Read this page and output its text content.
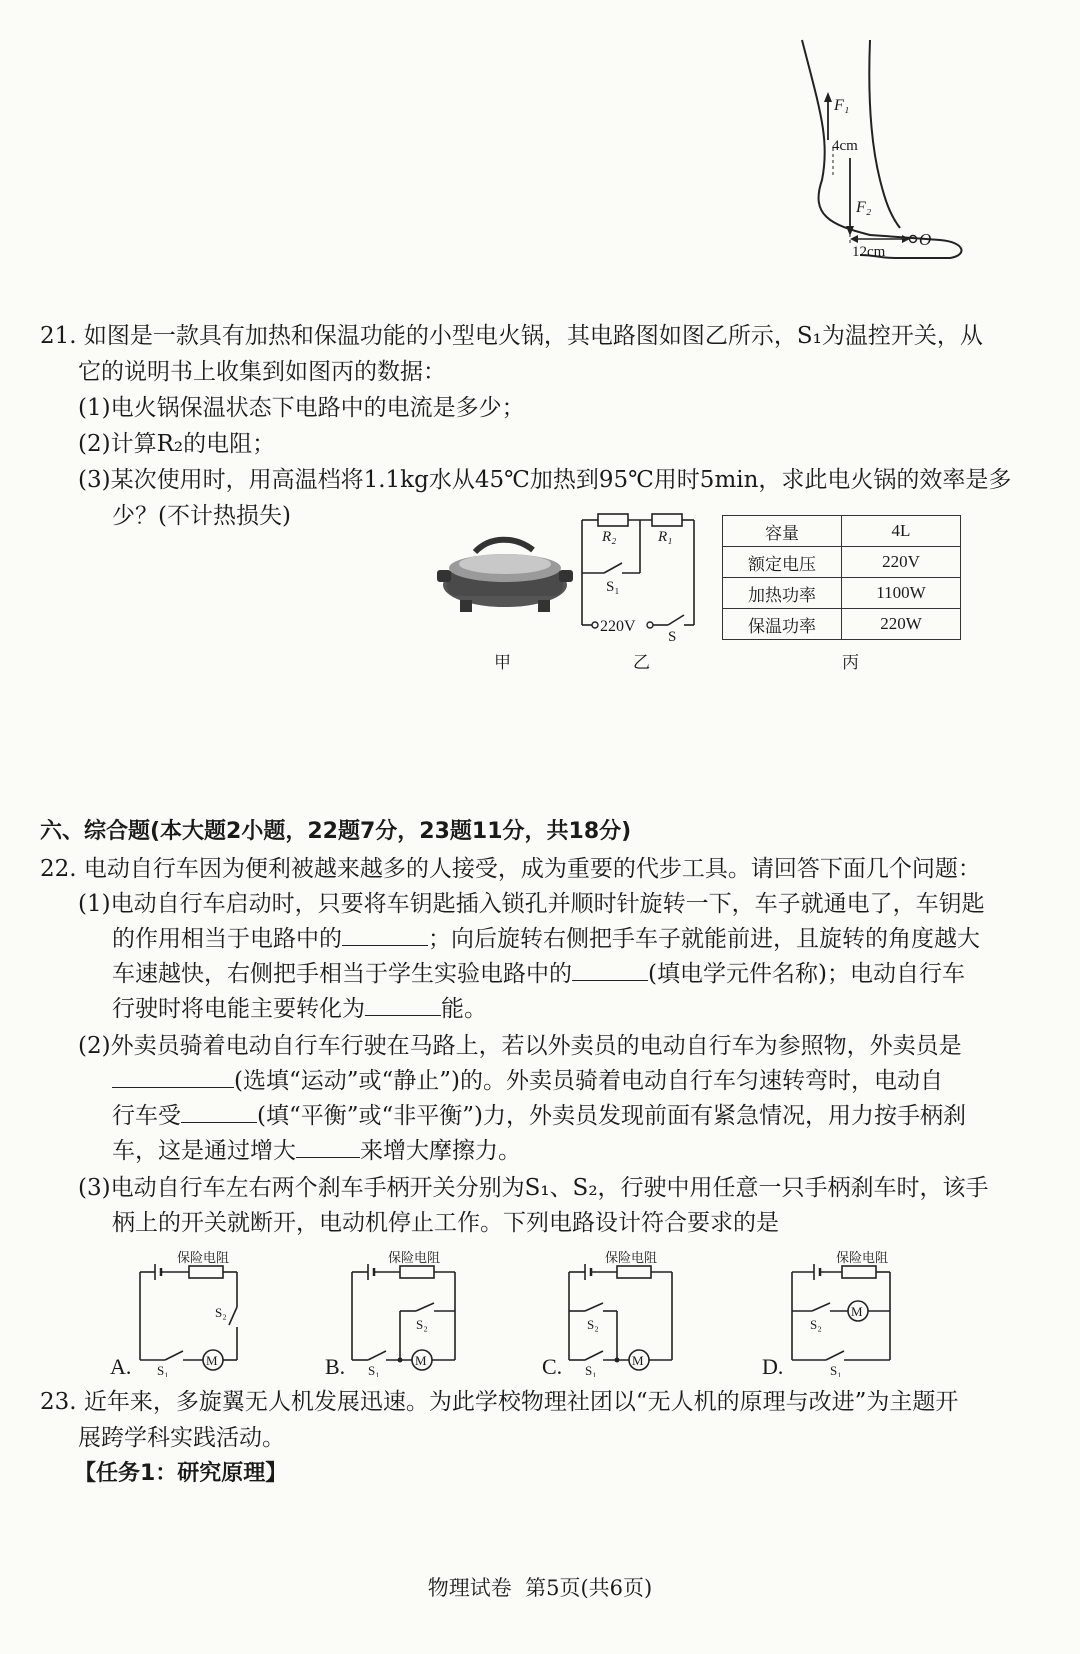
F₁
4cm
F₂
O
12cm
21. 如图是一款具有加热和保温功能的小型电火锅，其电路图如图乙所示，S₁为温控开关，从
它的说明书上收集到如图丙的数据：
(1)电火锅保温状态下电路中的电流是多少；
(2)计算R₂的电阻；
(3)某次使用时，用高温档将1.1kg水从45℃加热到95℃用时5min，求此电火锅的效率是多
少？(不计热损失)
R₂	R₁
S₁
220V
S
容量	4L
额定电压	220V
加热功率	1100W
保温功率	220W
甲	乙	丙
六、综合题(本大题2小题，22题7分，23题11分，共18分)
22. 电动自行车因为便利被越来越多的人接受，成为重要的代步工具。请回答下面几个问题：
(1)电动自行车启动时，只要将车钥匙插入锁孔并顺时针旋转一下，车子就通电了，车钥匙
的作用相当于电路中的	；向后旋转右侧把手车子就能前进，且旋转的角度越大
车速越快，右侧把手相当于学生实验电路中的	(填电学元件名称)；电动自行车
行驶时将电能主要转化为	能。
(2)外卖员骑着电动自行车行驶在马路上，若以外卖员的电动自行车为参照物，外卖员是
(选填“运动”或“静止”)的。外卖员骑着电动自行车匀速转弯时，电动自
行车受	(填“平衡”或“非平衡”)力，外卖员发现前面有紧急情况，用力按手柄刹
车，这是通过增大	来增大摩擦力。
(3)电动自行车左右两个刹车手柄开关分别为S₁、S₂，行驶中用任意一只手柄刹车时，该手
柄上的开关就断开，电动机停止工作。下列电路设计符合要求的是
A.	M
保险电阻
S₂
S₁	B.	M
保险电阻
S₂
S₁	C.	M
保险电阻
S₂
S₁	D.
M
保险电阻
S₂
S₁
23. 近年来，多旋翼无人机发展迅速。为此学校物理社团以“无人机的原理与改进”为主题开
展跨学科实践活动。
【任务1：研究原理】
物理试卷  第5页(共6页)
